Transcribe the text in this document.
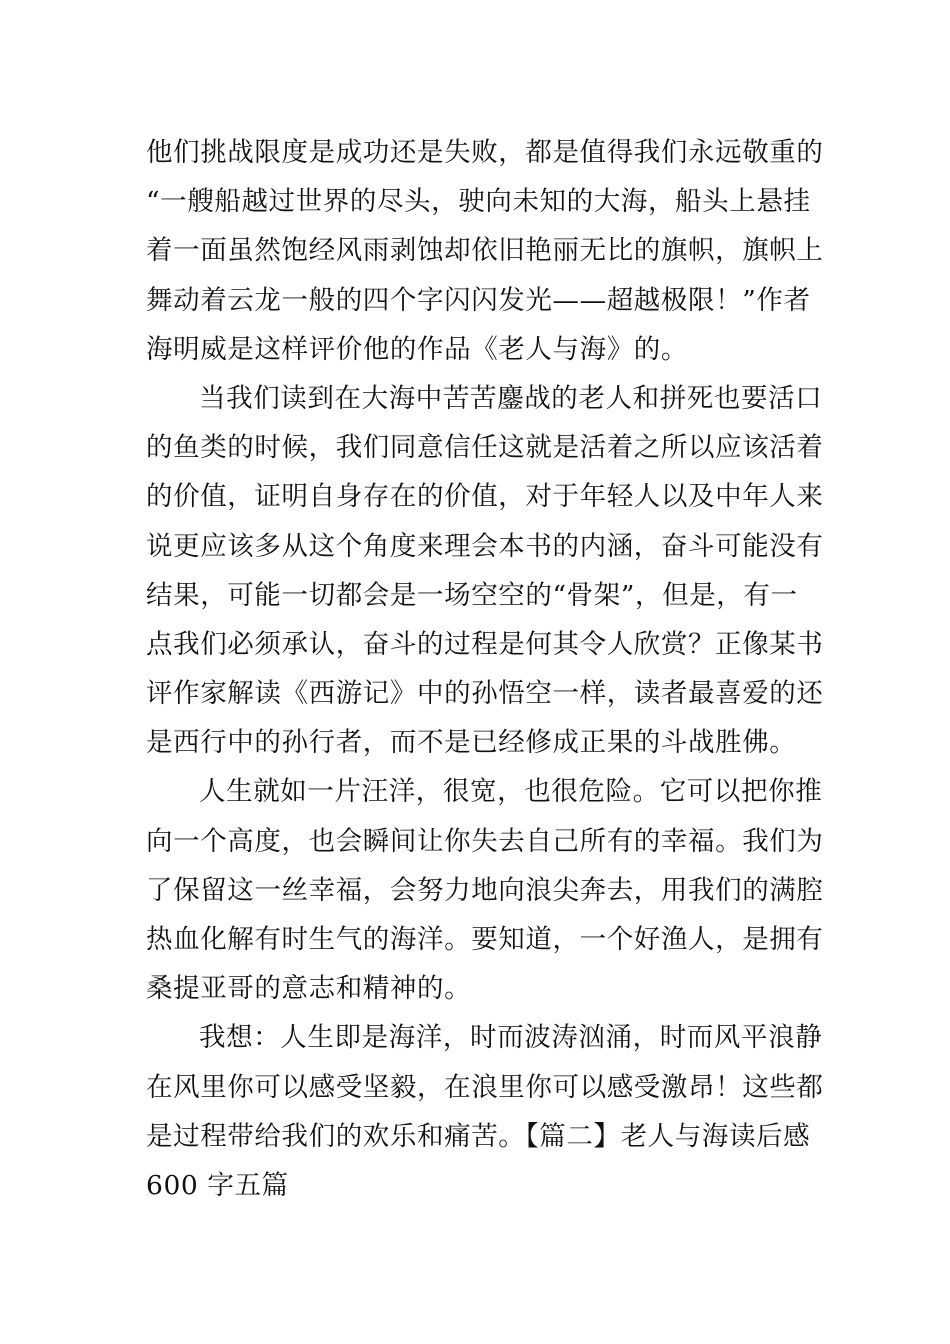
他们挑战限度是成功还是失败，都是值得我们永远敬重的
“一艘船越过世界的尽头，驶向未知的大海，船头上悬挂
着一面虽然饱经风雨剥蚀却依旧艳丽无比的旗帜，旗帜上
舞动着云龙一般的四个字闪闪发光——超越极限！”作者
海明威是这样评价他的作品《老人与海》的。
当我们读到在大海中苦苦鏖战的老人和拼死也要活口
的鱼类的时候，我们同意信任这就是活着之所以应该活着
的价值，证明自身存在的价值，对于年轻人以及中年人来
说更应该多从这个角度来理会本书的内涵，奋斗可能没有
结果，可能一切都会是一场空空的“骨架”，但是，有一
点我们必须承认，奋斗的过程是何其令人欣赏？正像某书
评作家解读《西游记》中的孙悟空一样，读者最喜爱的还
是西行中的孙行者，而不是已经修成正果的斗战胜佛。
人生就如一片汪洋，很宽，也很危险。它可以把你推
向一个高度，也会瞬间让你失去自己所有的幸福。我们为
了保留这一丝幸福，会努力地向浪尖奔去，用我们的满腔
热血化解有时生气的海洋。要知道，一个好渔人，是拥有
桑提亚哥的意志和精神的。
我想：人生即是海洋，时而波涛汹涌，时而风平浪静
在风里你可以感受坚毅，在浪里你可以感受激昂！这些都
是过程带给我们的欢乐和痛苦。【篇二】老人与海读后感
600 字五篇
